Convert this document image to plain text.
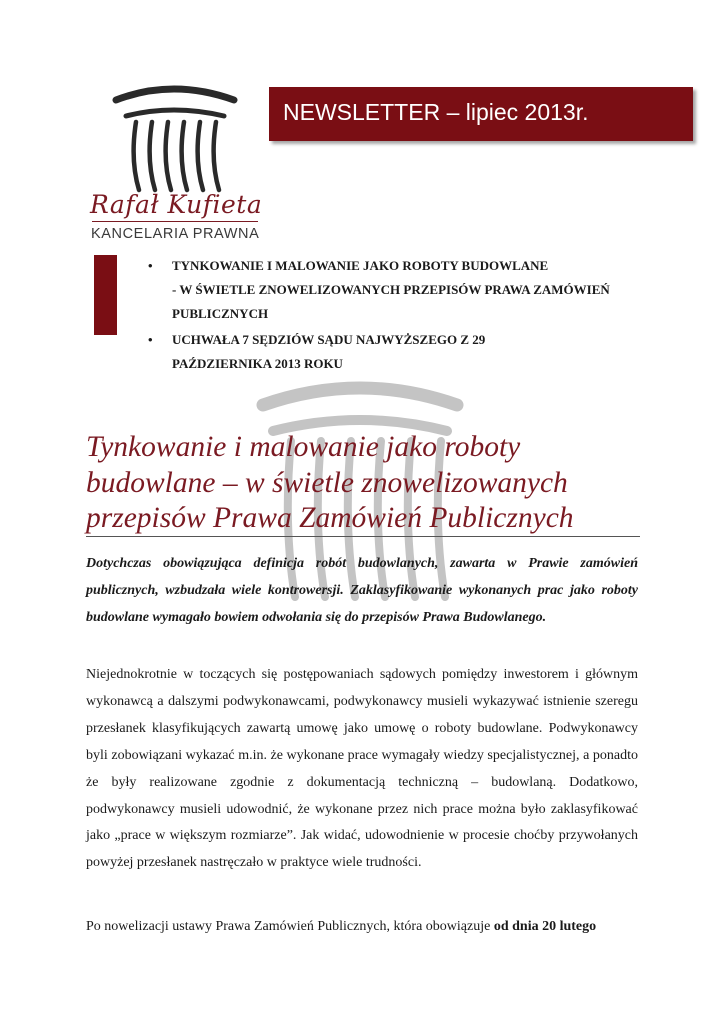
Rafał Kufieta
KANCELARIA PRAWNA
NEWSLETTER – lipiec 2013r.
• TYNKOWANIE I MALOWANIE JAKO ROBOTY BUDOWLANE
- W ŚWIETLE ZNOWELIZOWANYCH PRZEPISÓW PRAWA ZAMÓWIEŃ PUBLICZNYCH
• UCHWAŁA 7 SĘDZIÓW SĄDU NAJWYŻSZEGO Z 29 PAŹDZIERNIKA 2013 ROKU
Tynkowanie i malowanie jako roboty budowlane – w świetle znowelizowanych przepisów Prawa Zamówień Publicznych
Dotychczas obowiązująca definicja robót budowlanych, zawarta w Prawie zamówień publicznych, wzbudzała wiele kontrowersji. Zaklasyfikowanie wykonanych prac jako roboty budowlane wymagało bowiem odwołania się do przepisów Prawa Budowlanego.
Niejednokrotnie w toczących się postępowaniach sądowych pomiędzy inwestorem i głównym wykonawcą a dalszymi podwykonawcami, podwykonawcy musieli wykazywać istnienie szeregu przesłanek klasyfikujących zawartą umowę jako umowę o roboty budowlane. Podwykonawcy byli zobowiązani wykazać m.in. że wykonane prace wymagały wiedzy specjalistycznej, a ponadto że były realizowane zgodnie z dokumentacją techniczną – budowlaną. Dodatkowo, podwykonawcy musieli udowodnić, że wykonane przez nich prace można było zaklasyfikować jako „prace w większym rozmiarze”. Jak widać, udowodnienie w procesie choćby przywołanych powyżej przesłanek nastręczało w praktyce wiele trudności.
Po nowelizacji ustawy Prawa Zamówień Publicznych, która obowiązuje od dnia 20 lutego
